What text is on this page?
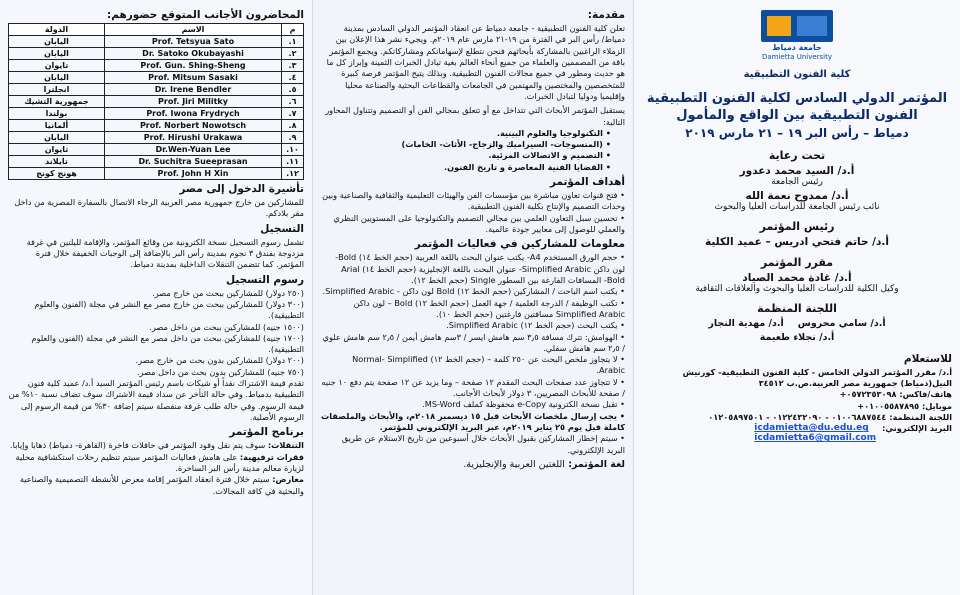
جامعة دمياط
Damietta University
كلية الفنون التطبيقية
المؤتمر الدولي السادس لكلية الفنون التطبيقية
الفنون التطبيقية بين الواقع والمأمول
دمياط – رأس البر ١٩ – ٢١ مارس ٢٠١٩
تحت رعاية
أ.د/ السيد محمد دعدور
رئيس الجامعة
أ.د/ ممدوح نعمة الله
نائب رئيس الجامعة للدراسات العليا والبحوث
رئيس المؤتمر
أ.د/ حاتم فتحي ادريس – عميد الكلية
مقرر المؤتمر
أ.د/ غادة محمد الصياد
وكيل الكلية للدراسات العليا والبحوث والعلاقات الثقافية
اللجنة المنظمة
أ.د/ سامي محروس
أ.د/ مهدية النجار
أ.د/ نجلاء طعيمة
للاستعلام

أ.د/ مقرر المؤتمر الدولي الخامس - كلية الفنون التطبيقية- كورنيش النيل(دمياط) جمهورية مصر العربية.ص.ب ٣٤٥١٢

هاتف/فاكس: ٠٥٧٢٣٥٣٠٩٨+

موبايل: ٠١٠٠٥٥٨٧٨٩٥+

اللجنة المنظمة: ٠١٠٠٦٨٨٧٥٤٤ - ٠١٢٢٤٣٢٠٩٠ - ٠١٢٠٥٨٩٧٥٠١

البريد الإلكتروني:
icdamietta@du.edu.eg
icdamietta6@gmail.com
مقدمة:

تعلن كلية الفنون التطبيقية - جامعة دمياط عن انعقاد المؤتمر الدولي السادس بمدينة دمياط/ رأس البر في الفترة من ١٩-٢١ مارس عام ٢٠١٩م. ويجيء نشر هذا الإعلان بين الزملاء الراغبين بالمشاركة بأبحاثهم فنحن نتطلع لإسهاماتكم ومشاركاتكم. ويجمع المؤتمر باقة من المصممين والعلماء من جميع أنحاء العالم بغية تبادل الخبرات الثمينة وإبراز كل ما هو حديث ومطور في جميع مجالات الفنون التطبيقية. وبذلك يتيح المؤتمر فرصة كبيرة للمتخصصين والمختصين والمهتمين في الجامعات والقطاعات البحثية والصناعة محليا وإقليميا ودوليا لتبادل الخبرات.

يستقبل المؤتمر الأبحاث التي تتداخل مع أو تتعلق بمجالي الفن أو التصميم وتتناول المحاور التالية:

• التكنولوجيا والعلوم البينية.
• (المنسوجات- السيراميك والزجاج- الأثاث- الخامات)
• التصميم و الاتصالات المرئية.
• القضايا الفنية المعاصرة و تاريخ الفنون.
أهداف المؤتمر
• فتح قنوات تعاون مباشرة بين مؤسسات الفن والهيئات التعليمية والثقافية والصناعية وبين وحدات التصميم والإنتاج بكلية الفنون التطبيقية.
• تحسين سبل التعاون العلمي بين مجالي التصميم والتكنولوجيا على المستويين النظري والعملي للوصول إلى معايير جودة عالمية.
معلومات للمشاركين في فعاليات المؤتمر
• حجم الورق المستخدم A4- يكتب عنوان البحث باللغة العربية (حجم الخط ١٤) Bold- لون داكن Simplified Arabic- عنوان البحث باللغة الإنجليزية (حجم الخط ١٤) Arial Bold- المسافات الفارغة بين السطور Single (حجم الخط ١٢).
• يكتب اسم الباحث / المشاركين (حجم الخط ١٢) Bold لون داكن - Simplified Arabic.
• تكتب الوظيفة / الدرجة العلمية / جهة العمل (حجم الخط ١٢) Bold – لون داكن Simplified Arabic مسافتين فارغتين (حجم الخط ١٠).
• يكتب البحث (حجم الخط ١٢) Simplified Arabic.
• الهوامش: تترك مسافة ٣٫٥ سم هامش ايسر / ٣سم هامش أيمن / ٢٫٥ سم هامش علوي / ٢٫٥ سم هامش سفلي.
• لا يتجاوز ملخص البحث عن ٢٥٠ كلمة – (حجم الخط ١٢) Normal- Simplified Arabic.
• لا تتجاوز عدد صفحات البحث المقدم ١٢ صفحة – وما يزيد عن ١٢ صفحة يتم دفع ١٠ جنيه / صفحة للأبحاث المصريين، ٣ دولار لأبحاث الأجانب.
• تقبل نسخة الكترونية e-Copy محفوظة كملف MS-Word.
• يجب إرسال ملخصات الأبحاث قبل ١٥ ديسمبر ٢٠١٨م، والأبحاث والملصقات كاملة قبل يوم ٢٥ يناير ٢٠١٩م، عبر البريد الإلكتروني للمؤتمر.
• سيتم إخطار المشاركين بقبول الأبحاث خلال أسبوعين من تاريخ الاستلام عن طريق البريد الإلكتروني.

لغة المؤتمر: اللغتين العربية والإنجليزية.

المحاضرون الأجانب المتوقع حضورهم:
م	الاسم	الدولة
١.	Prof. Tetsyua Sato	اليابان
٢.	Dr. Satoko Okubayashi	اليابان
٣.	Prof. Gun. Shing-Sheng	تايوان
٤.	Prof. Mitsum Sasaki	اليابان
٥.	Dr. Irene Bendler	انجلترا
٦.	Prof. Jiri Militky	جمهورية التشيك
٧.	Prof. Iwona Frydrych	بولندا
٨.	Prof. Norbert Nowotsch	ألمانيا
٩.	Prof. Hirushi Urakawa	اليابان
١٠.	Dr.Wen-Yuan Lee	تايوان
١١.	Dr. Suchitra Sueeprasan	تايلاند
١٢.	Prof. John H Xin	هونج كونج
تأشيرة الدخول إلى مصر

للمشاركين من خارج جمهورية مصر العربية الرجاء الاتصال بالسفارة المصرية من داخل مقر بلادكم.

التسجيل

تشمل رسوم التسجيل نسخة الكترونية من وقائع المؤتمر، والإقامة لليلتين في غرفة مزدوجة بفندق ٣ نجوم بمدينة رأس البر بالإضافة إلى الوجبات الخفيفة خلال فترة المؤتمر. كما تتضمن التنقلات الداخلية بمدينة دمياط.

رسوم التسجيل
(٢٥٠ دولار) للمشاركين ببحث من خارج مصر.
(٣٠٠ دولار) للمشاركين ببحث من خارج مصر مع النشر في مجلة (الفنون والعلوم التطبيقية).
(١٥٠٠ جنيه) للمشاركين ببحث من داخل مصر.
(١٧٠٠ جنيه) للمشاركين ببحث من داخل مصر مع النشر في مجلة (الفنون والعلوم التطبيقية).
(٢٠٠ دولار) للمشاركين بدون بحث من خارج مصر.
(٧٥٠ جنيه) للمشاركين بدون بحث من داخل مصر.

تقدم قيمة الاشتراك نقداً أو شيكات باسم رئيس المؤتمر السيد أ.د/ عميد كلية فنون التطبيقية بدمياط. وفي حالة التأخر عن سداد قيمة الاشتراك سوف تضاف نسبة ١٠% من قيمة الرسوم. وفي حالة طلب غرفة منفصلة سيتم إضافة ٣٠% من قيمة الرسوم إلى الرسوم الأصلية.

برنامج المؤتمر

التنقلات: سوف يتم نقل وفود المؤتمر في حافلات فاخرة (القاهرة- دمياط) ذهابا وإيابا.

فقرات ترفيهية: على هامش فعاليات المؤتمر سيتم تنظيم رحلات استكشافية محلية لزيارة معالم مدينة رأس البر الساحرة.

معارض: سيتم خلال فترة انعقاد المؤتمر إقامة معرض للأنشطة التصميمية والصناعية والبحثية في كافة المجالات.
